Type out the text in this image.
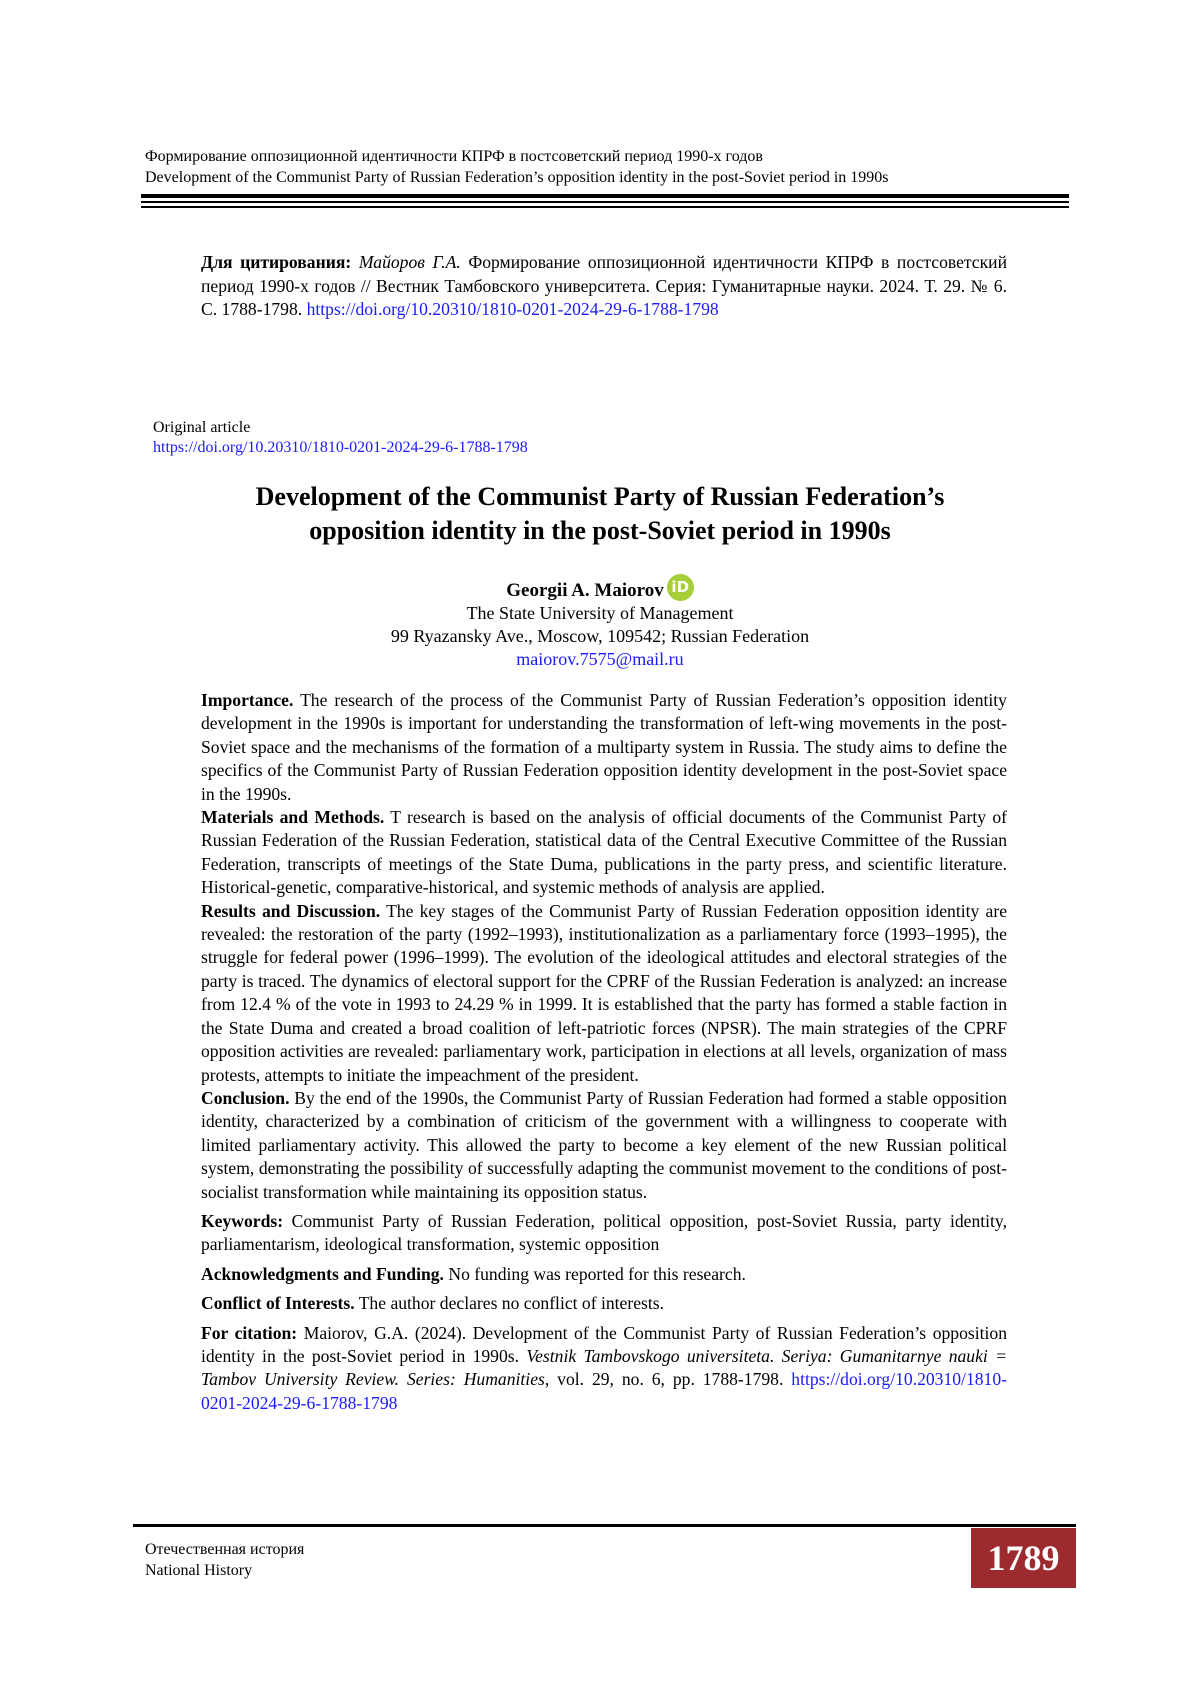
Формирование оппозиционной идентичности КПРФ в постсоветский период 1990-х годов
Development of the Communist Party of Russian Federation’s opposition identity in the post-Soviet period in 1990s
Для цитирования: Майоров Г.А. Формирование оппозиционной идентичности КПРФ в постсоветский период 1990-х годов // Вестник Тамбовского университета. Серия: Гуманитарные науки. 2024. Т. 29. № 6. С. 1788-1798. https://doi.org/10.20310/1810-0201-2024-29-6-1788-1798
Original article
https://doi.org/10.20310/1810-0201-2024-29-6-1788-1798
Development of the Communist Party of Russian Federation’s
opposition identity in the post-Soviet period in 1990s
Georgii A. Maiorov iD
The State University of Management
99 Ryazansky Ave., Moscow, 109542; Russian Federation
maiorov.7575@mail.ru

Importance. The research of the process of the Communist Party of Russian Federation’s opposition identity development in the 1990s is important for understanding the transformation of left-wing movements in the post-Soviet space and the mechanisms of the formation of a multiparty system in Russia. The study aims to define the specifics of the Communist Party of Russian Federation opposition identity development in the post-Soviet space in the 1990s.

Materials and Methods. T research is based on the analysis of official documents of the Communist Party of Russian Federation of the Russian Federation, statistical data of the Central Executive Committee of the Russian Federation, transcripts of meetings of the State Duma, publications in the party press, and scientific literature. Historical-genetic, comparative-historical, and systemic methods of analysis are applied.

Results and Discussion. The key stages of the Communist Party of Russian Federation opposition identity are revealed: the restoration of the party (1992–1993), institutionalization as a parliamentary force (1993–1995), the struggle for federal power (1996–1999). The evolution of the ideological attitudes and electoral strategies of the party is traced. The dynamics of electoral support for the CPRF of the Russian Federation is analyzed: an increase from 12.4 % of the vote in 1993 to 24.29 % in 1999. It is established that the party has formed a stable faction in the State Duma and created a broad coalition of left-patriotic forces (NPSR). The main strategies of the CPRF opposition activities are revealed: parliamentary work, participation in elections at all levels, organization of mass protests, attempts to initiate the impeachment of the president.

Conclusion. By the end of the 1990s, the Communist Party of Russian Federation had formed a stable opposition identity, characterized by a combination of criticism of the government with a willingness to cooperate with limited parliamentary activity. This allowed the party to become a key element of the new Russian political system, demonstrating the possibility of successfully adapting the communist movement to the conditions of post-socialist transformation while maintaining its opposition status.

Keywords: Communist Party of Russian Federation, political opposition, post-Soviet Russia, party identity, parliamentarism, ideological transformation, systemic opposition

Acknowledgments and Funding. No funding was reported for this research.

Conflict of Interests. The author declares no conflict of interests.

For citation: Maiorov, G.A. (2024). Development of the Communist Party of Russian Federation’s opposition identity in the post-Soviet period in 1990s. Vestnik Tambovskogo universiteta. Seriya: Gumanitarnye nauki = Tambov University Review. Series: Humanities, vol. 29, no. 6, pp. 1788-1798. https://doi.org/10.20310/1810-0201-2024-29-6-1788-1798

Отечественная история
National History	1789
